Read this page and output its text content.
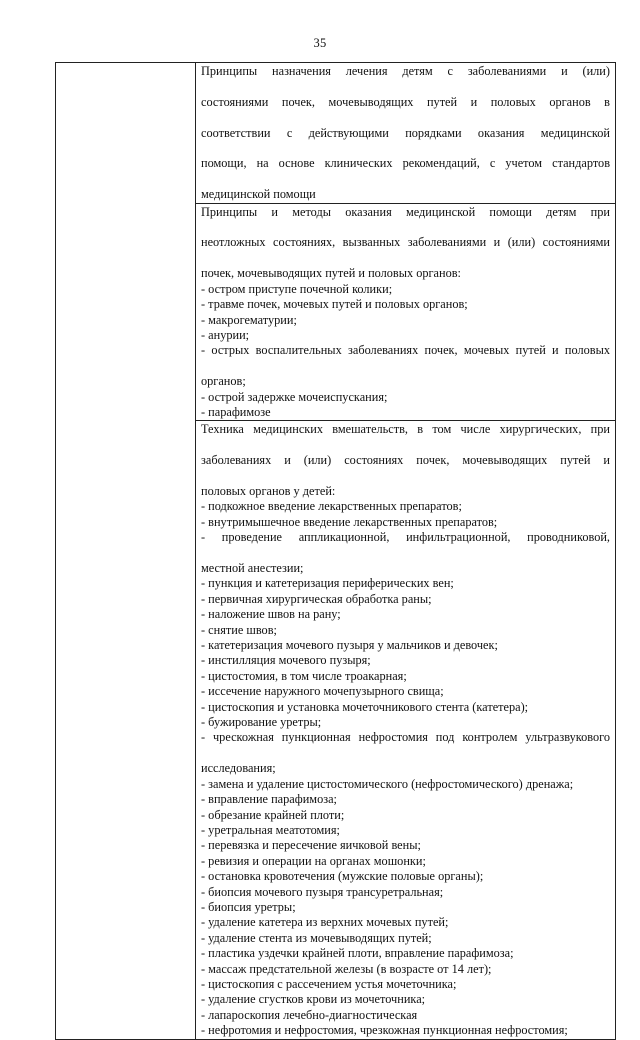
35

Принципы назначения лечения детям с заболеваниями и (или)
состояниями почек, мочевыводящих путей и половых органов в
соответствии с действующими порядками оказания медицинской
помощи, на основе клинических рекомендаций, с учетом стандартов
медицинской помощи

Принципы и методы оказания медицинской помощи детям при
неотложных состояниях, вызванных заболеваниями и (или) состояниями
почек, мочевыводящих путей и половых органов:
- остром приступе почечной колики;
- травме почек, мочевых путей и половых органов;
- макрогематурии;
- анурии;
- острых воспалительных заболеваниях почек, мочевых путей и половых
органов;
- острой задержке мочеиспускания;
- парафимозе

Техника медицинских вмешательств, в том числе хирургических, при
заболеваниях и (или) состояниях почек, мочевыводящих путей и
половых органов у детей:
- подкожное введение лекарственных препаратов;
- внутримышечное введение лекарственных препаратов;
- проведение аппликационной, инфильтрационной, проводниковой,
местной анестезии;
- пункция и катетеризация периферических вен;
- первичная хирургическая обработка раны;
- наложение швов на рану;
- снятие швов;
- катетеризация мочевого пузыря у мальчиков и девочек;
- инстилляция мочевого пузыря;
- цистостомия, в том числе троакарная;
- иссечение наружного мочепузырного свища;
- цистоскопия и установка мочеточникового стента (катетера);
- бужирование уретры;
- чрескожная пункционная нефростомия под контролем ультразвукового
исследования;
- замена и удаление цистостомического (нефростомического) дренажа;
- вправление парафимоза;
- обрезание крайней плоти;
- уретральная меатотомия;
- перевязка и пересечение яичковой вены;
- ревизия и операции на органах мошонки;
- остановка кровотечения (мужские половые органы);
- биопсия мочевого пузыря трансуретральная;
- биопсия уретры;
- удаление катетера из верхних мочевых путей;
- удаление стента из мочевыводящих путей;
- пластика уздечки крайней плоти, вправление парафимоза;
- массаж предстательной железы (в возрасте от 14 лет);
- цистоскопия с рассечением устья мочеточника;
- удаление сгустков крови из мочеточника;
- лапароскопия лечебно-диагностическая
- нефротомия и нефростомия, чрезкожная пункционная нефростомия;
